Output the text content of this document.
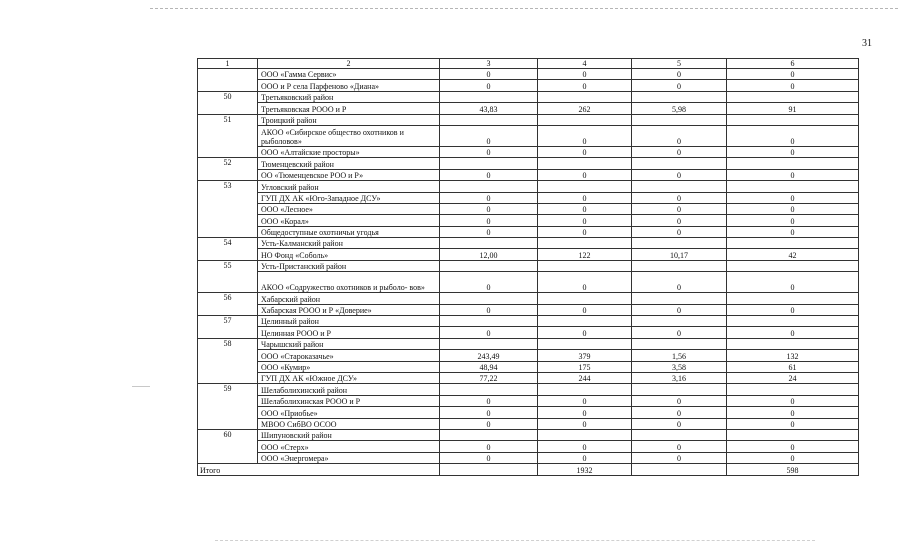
31
1	2	3	4	5	6
	ООО «Гамма Сервис»	0	0	0	0
	ООО и Р села Парфеново «Диана»	0	0	0	0
50	Третьяковский район				
	Третьяковская РООО и Р	43,83	262	5,98	91
51	Троицкий район				
	АКОО «Сибирское общество охотников и рыболовов»	0	0	0	0
	ООО «Алтайские просторы»	0	0	0	0
52	Тюменцевский район				
	ОО «Тюменцевское РОО и Р»	0	0	0	0
53	Угловский район				
	ГУП ДХ АК «Юго-Западное ДСУ»	0	0	0	0
	ООО «Лесное»	0	0	0	0
	ООО «Корал»	0	0	0	0
	Общедоступные охотничьи угодья	0	0	0	0
54	Усть-Калманский район				
	НО Фонд «Соболь»	12,00	122	10,17	42
55	Усть-Пристанский район				
	АКОО «Содружество охотников и рыболо- вов»	0	0	0	0
56	Хабарский район				
	Хабарская РООО и Р «Доверие»	0	0	0	0
57	Целинный район				
	Целинная РООО и Р	0	0	0	0
58	Чарышский район				
	ООО «Староказачье»	243,49	379	1,56	132
	ООО «Кумир»	48,94	175	3,58	61
	ГУП ДХ АК «Южное ДСУ»	77,22	244	3,16	24
59	Шелаболихинский район				
	Шелаболихинская РООО и Р	0	0	0	0
	ООО «Приобье»	0	0	0	0
	МВОО СибВО ОСОО	0	0	0	0
60	Шипуновский район				
	ООО «Стерх»	0	0	0	0
	ООО «Энергомера»	0	0	0	0
Итого			1932		598
